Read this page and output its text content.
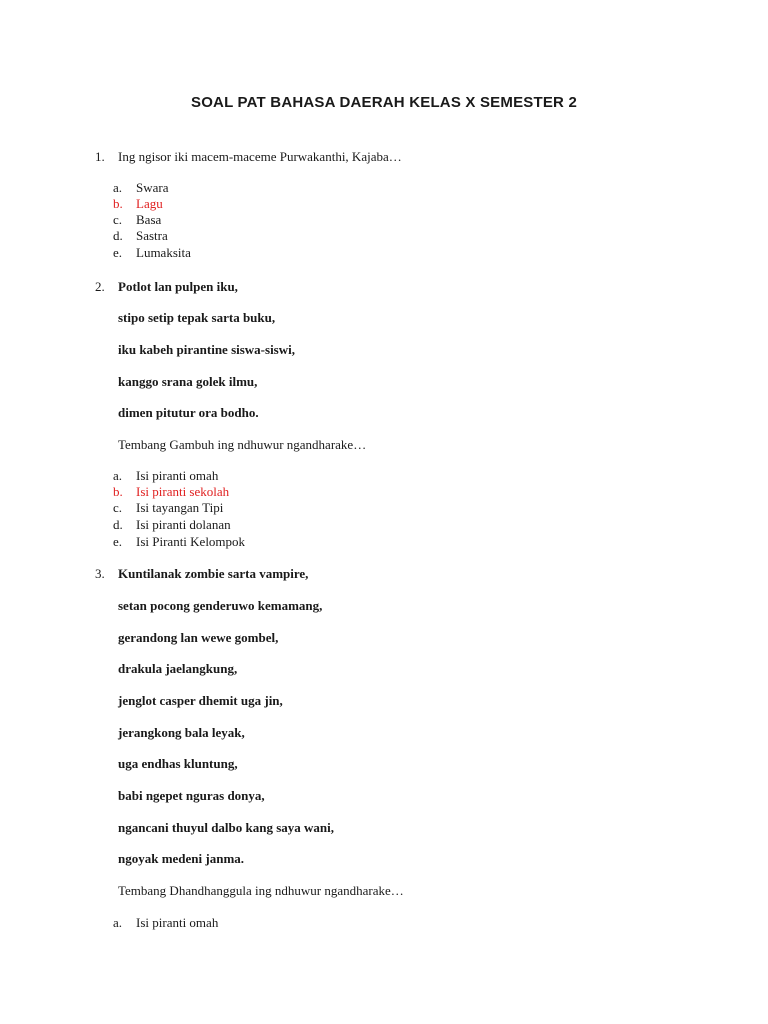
SOAL PAT BAHASA DAERAH KELAS X SEMESTER 2
1. Ing ngisor iki macem-maceme Purwakanthi, Kajaba…
a. Swara
b. Lagu
c. Basa
d. Sastra
e. Lumaksita
2. Potlot lan pulpen iku,
stipo setip tepak sarta buku,
iku kabeh pirantine siswa-siswi,
kanggo srana golek ilmu,
dimen pitutur ora bodho.
Tembang Gambuh ing ndhuwur ngandharake…
a. Isi piranti omah
b. Isi piranti sekolah
c. Isi tayangan Tipi
d. Isi piranti dolanan
e. Isi Piranti Kelompok
3. Kuntilanak zombie sarta vampire,
setan pocong genderuwo kemamang,
gerandong lan wewe gombel,
drakula jaelangkung,
jenglot casper dhemit uga jin,
jerangkong bala leyak,
uga endhas kluntung,
babi ngepet nguras donya,
ngancani thuyul dalbo kang saya wani,
ngoyak medeni janma.
Tembang Dhandhanggula ing ndhuwur ngandharake…
a. Isi piranti omah
